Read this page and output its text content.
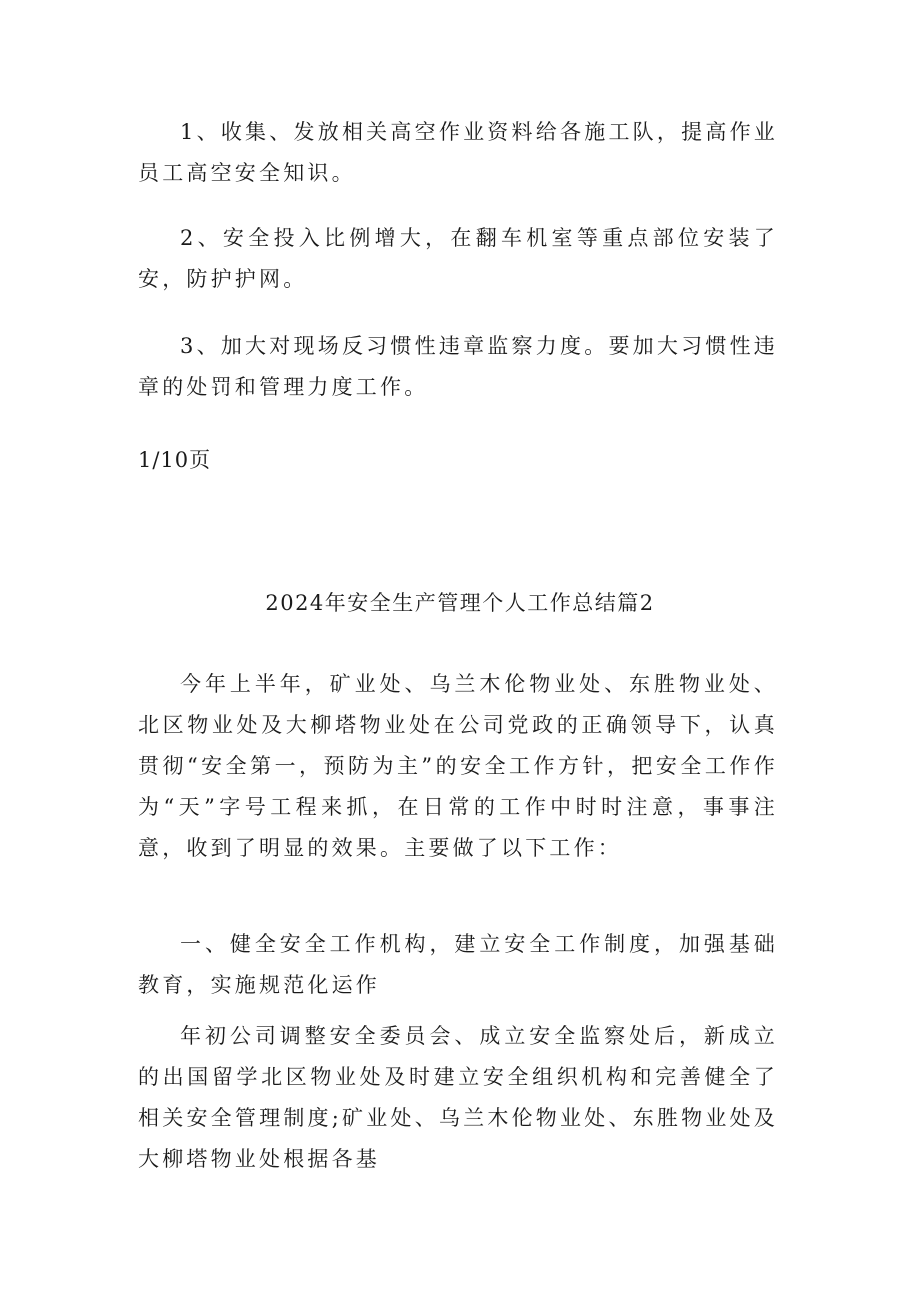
1、收集、发放相关高空作业资料给各施工队，提高作业员工高空安全知识。

2、安全投入比例增大，在翻车机室等重点部位安装了安，防护护网。

3、加大对现场反习惯性违章监察力度。要加大习惯性违章的处罚和管理力度工作。

1/10页

2024年安全生产管理个人工作总结篇2

今年上半年，矿业处、乌兰木伦物业处、东胜物业处、北区物业处及大柳塔物业处在公司党政的正确领导下，认真贯彻“安全第一，预防为主”的安全工作方针，把安全工作作为“天”字号工程来抓，在日常的工作中时时注意，事事注意，收到了明显的效果。主要做了以下工作：

一、健全安全工作机构，建立安全工作制度，加强基础教育，实施规范化运作

年初公司调整安全委员会、成立安全监察处后，新成立的出国留学北区物业处及时建立安全组织机构和完善健全了相关安全管理制度;矿业处、乌兰木伦物业处、东胜物业处及大柳塔物业处根据各基
